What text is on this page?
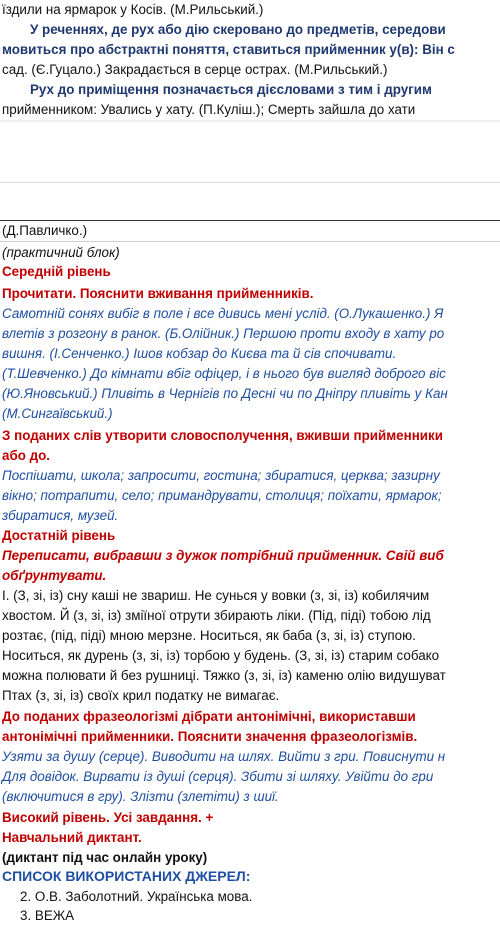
їздили на ярмарок у Косів. (М.Рильський.)
У реченнях, де рух або дію скеровано до предметів, середови
мовиться про абстрактні поняття, ставиться прийменник у(в): Він с
сад. (Є.Гуцало.) Закрадається в серце острах. (М.Рильський.)
Рух до приміщення позначається дієсловами з тим і другим
прийменником: Увались у хату. (П.Куліш.); Смерть зайшла до хати
(Д.Павличко.)
(практичний блок)
Середній рівень
Прочитати. Пояснити вживання прийменників.
Самотній сонях вибіг в поле і все дивись мені услід. (О.Лукашенко.) Я
влетів з розгону в ранок. (Б.Олійник.) Першою проти входу в хату ро
вишня. (І.Сенченко.) Ішов кобзар до Києва та й сів спочивати.
(Т.Шевченко.) До кімнати вбіг офіцер, і в нього був вигляд доброго віс
(Ю.Яновський.) Пливіть в Чернігів по Десні чи по Дніпру пливіть у Кан
(М.Сингаївський.)
З поданих слів утворити словосполучення, вживши прийменники
або до.
Поспішати, школа; запросити, гостина; збиратися, церква; зазирну
вікно; потрапити, село; примандрувати, столиця; поїхати, ярмарок;
збиратися, музей.
Достатній рівень
Переписати, вибравши з дужок потрібний прийменник. Свій виб
обґрунтувати.
І. (З, зі, із) сну каші не звариш. Не сунься у вовки (з, зі, із) кобилячим
хвостом. Й (з, зі, із) зміїної отрути збирають ліки. (Під, піді) тобою лід
розтає, (під, піді) мною мерзне. Носиться, як баба (з, зі, із) ступою.
Носиться, як дурень (з, зі, із) торбою у будень. (З, зі, із) старим собако
можна полювати й без рушниці. Тяжко (з, зі, із) каменю олію видушуват
Птах (з, зі, із) своїх крил податку не вимагає.
До поданих фразеологізмі дібрати антонімічні, використавши
антонімічні прийменники. Пояснити значення фразеологізмів.
Узяти за душу (серце). Виводити на шлях. Вийти з гри. Повиснути н
Для довідок. Вирвати із душі (серця). Збити зі шляху. Увійти до гри
(включитися в гру). Злізти (злетіти) з шиї.
Високий рівень. Усі завдання. +
Навчальний диктант.
(диктант під час онлайн уроку)
СПИСОК ВИКОРИСТАНИХ ДЖЕРЕЛ:
2. О.В. Заболотний. Українська мова.
3. ВЕЖА
